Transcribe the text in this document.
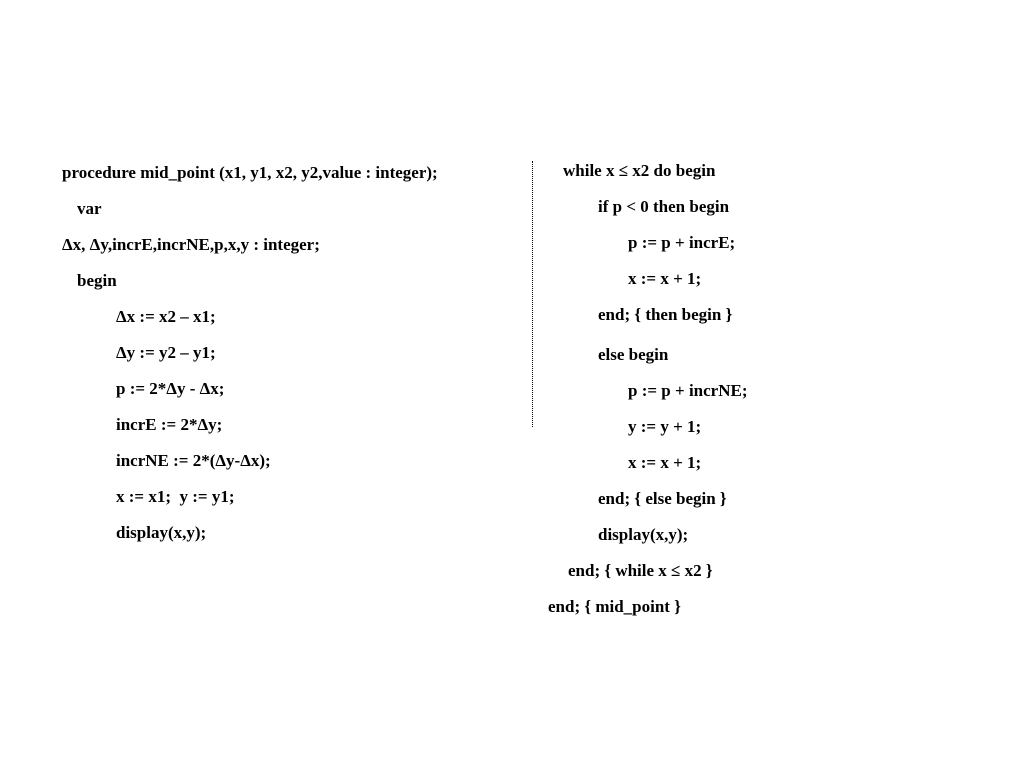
procedure mid_point (x1, y1, x2, y2,value : integer);
var
Δx, Δy,incrE,incrNE,p,x,y : integer;
begin
Δx := x2 – x1;
Δy := y2 – y1;
p := 2*Δy - Δx;
incrE := 2*Δy;
incrNE := 2*(Δy-Δx);
x := x1;  y := y1;
display(x,y);
while x ≤ x2 do begin
if p < 0 then begin
p := p + incrE;
x := x + 1;
end; { then begin }
else begin
p := p + incrNE;
y := y + 1;
x := x + 1;
end; { else begin }
display(x,y);
end; { while x ≤ x2 }
end; { mid_point }
